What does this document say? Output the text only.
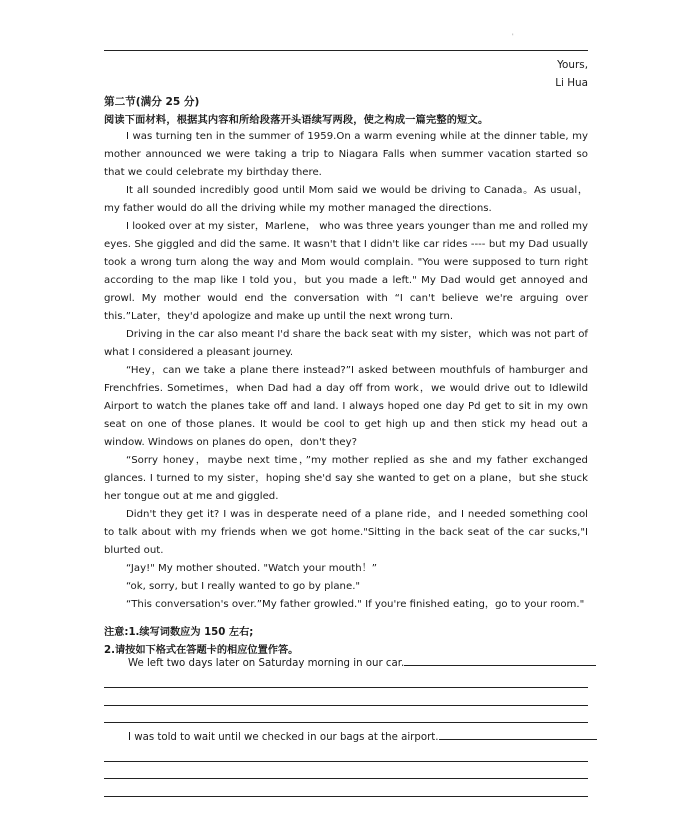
'
Yours,
Li Hua
第二节(满分 25 分)
阅读下面材料，根据其内容和所给段落开头语续写两段，使之构成一篇完整的短文。

I was turning ten in the summer of 1959.On a warm evening while at the dinner table, my mother announced we were taking a trip to Niagara Falls when summer vacation started so that we could celebrate my birthday there.

It all sounded incredibly good until Mom said we would be driving to Canada。As usual，my father would do all the driving while my mother managed the directions.

I looked over at my sister，Marlene， who was three years younger than me and rolled my eyes. She giggled and did the same. It wasn't that I didn't like car rides ---- but my Dad usually took a wrong turn along the way and Mom would complain. "You were supposed to turn right according to the map like I told you，but you made a left." My Dad would get annoyed and growl. My mother would end the conversation with “I can't believe we're arguing over this.”Later，they'd apologize and make up until the next wrong turn.

Driving in the car also meant I'd share the back seat with my sister，which was not part of what I considered a pleasant journey.

“Hey，can we take a plane there instead?”I asked between mouthfuls of hamburger and Frenchfries. Sometimes，when Dad had a day off from work，we would drive out to Idlewild Airport to watch the planes take off and land. I always hoped one day Pd get to sit in my own seat on one of those planes. It would be cool to get high up and then stick my head out a window. Windows on planes do open，don't they?

“Sorry honey，maybe next time，”my mother replied as she and my father exchanged glances. I turned to my sister，hoping she'd say she wanted to get on a plane，but she stuck her tongue out at me and giggled.

Didn't they get it? I was in desperate need of a plane ride，and I needed something cool to talk about with my friends when we got home."Sitting in the back seat of the car sucks,"I blurted out.

“Jay!" My mother shouted. "Watch your mouth！”

“ok, sorry, but I really wanted to go by plane."

“This conversation's over.”My father growled." If you're finished eating，go to your room."

注意:1.续写词数应为 150 左右;
2.请按如下格式在答题卡的相应位置作答。
We left two days later on Saturday morning in our car.
I was told to wait until we checked in our bags at the airport.
